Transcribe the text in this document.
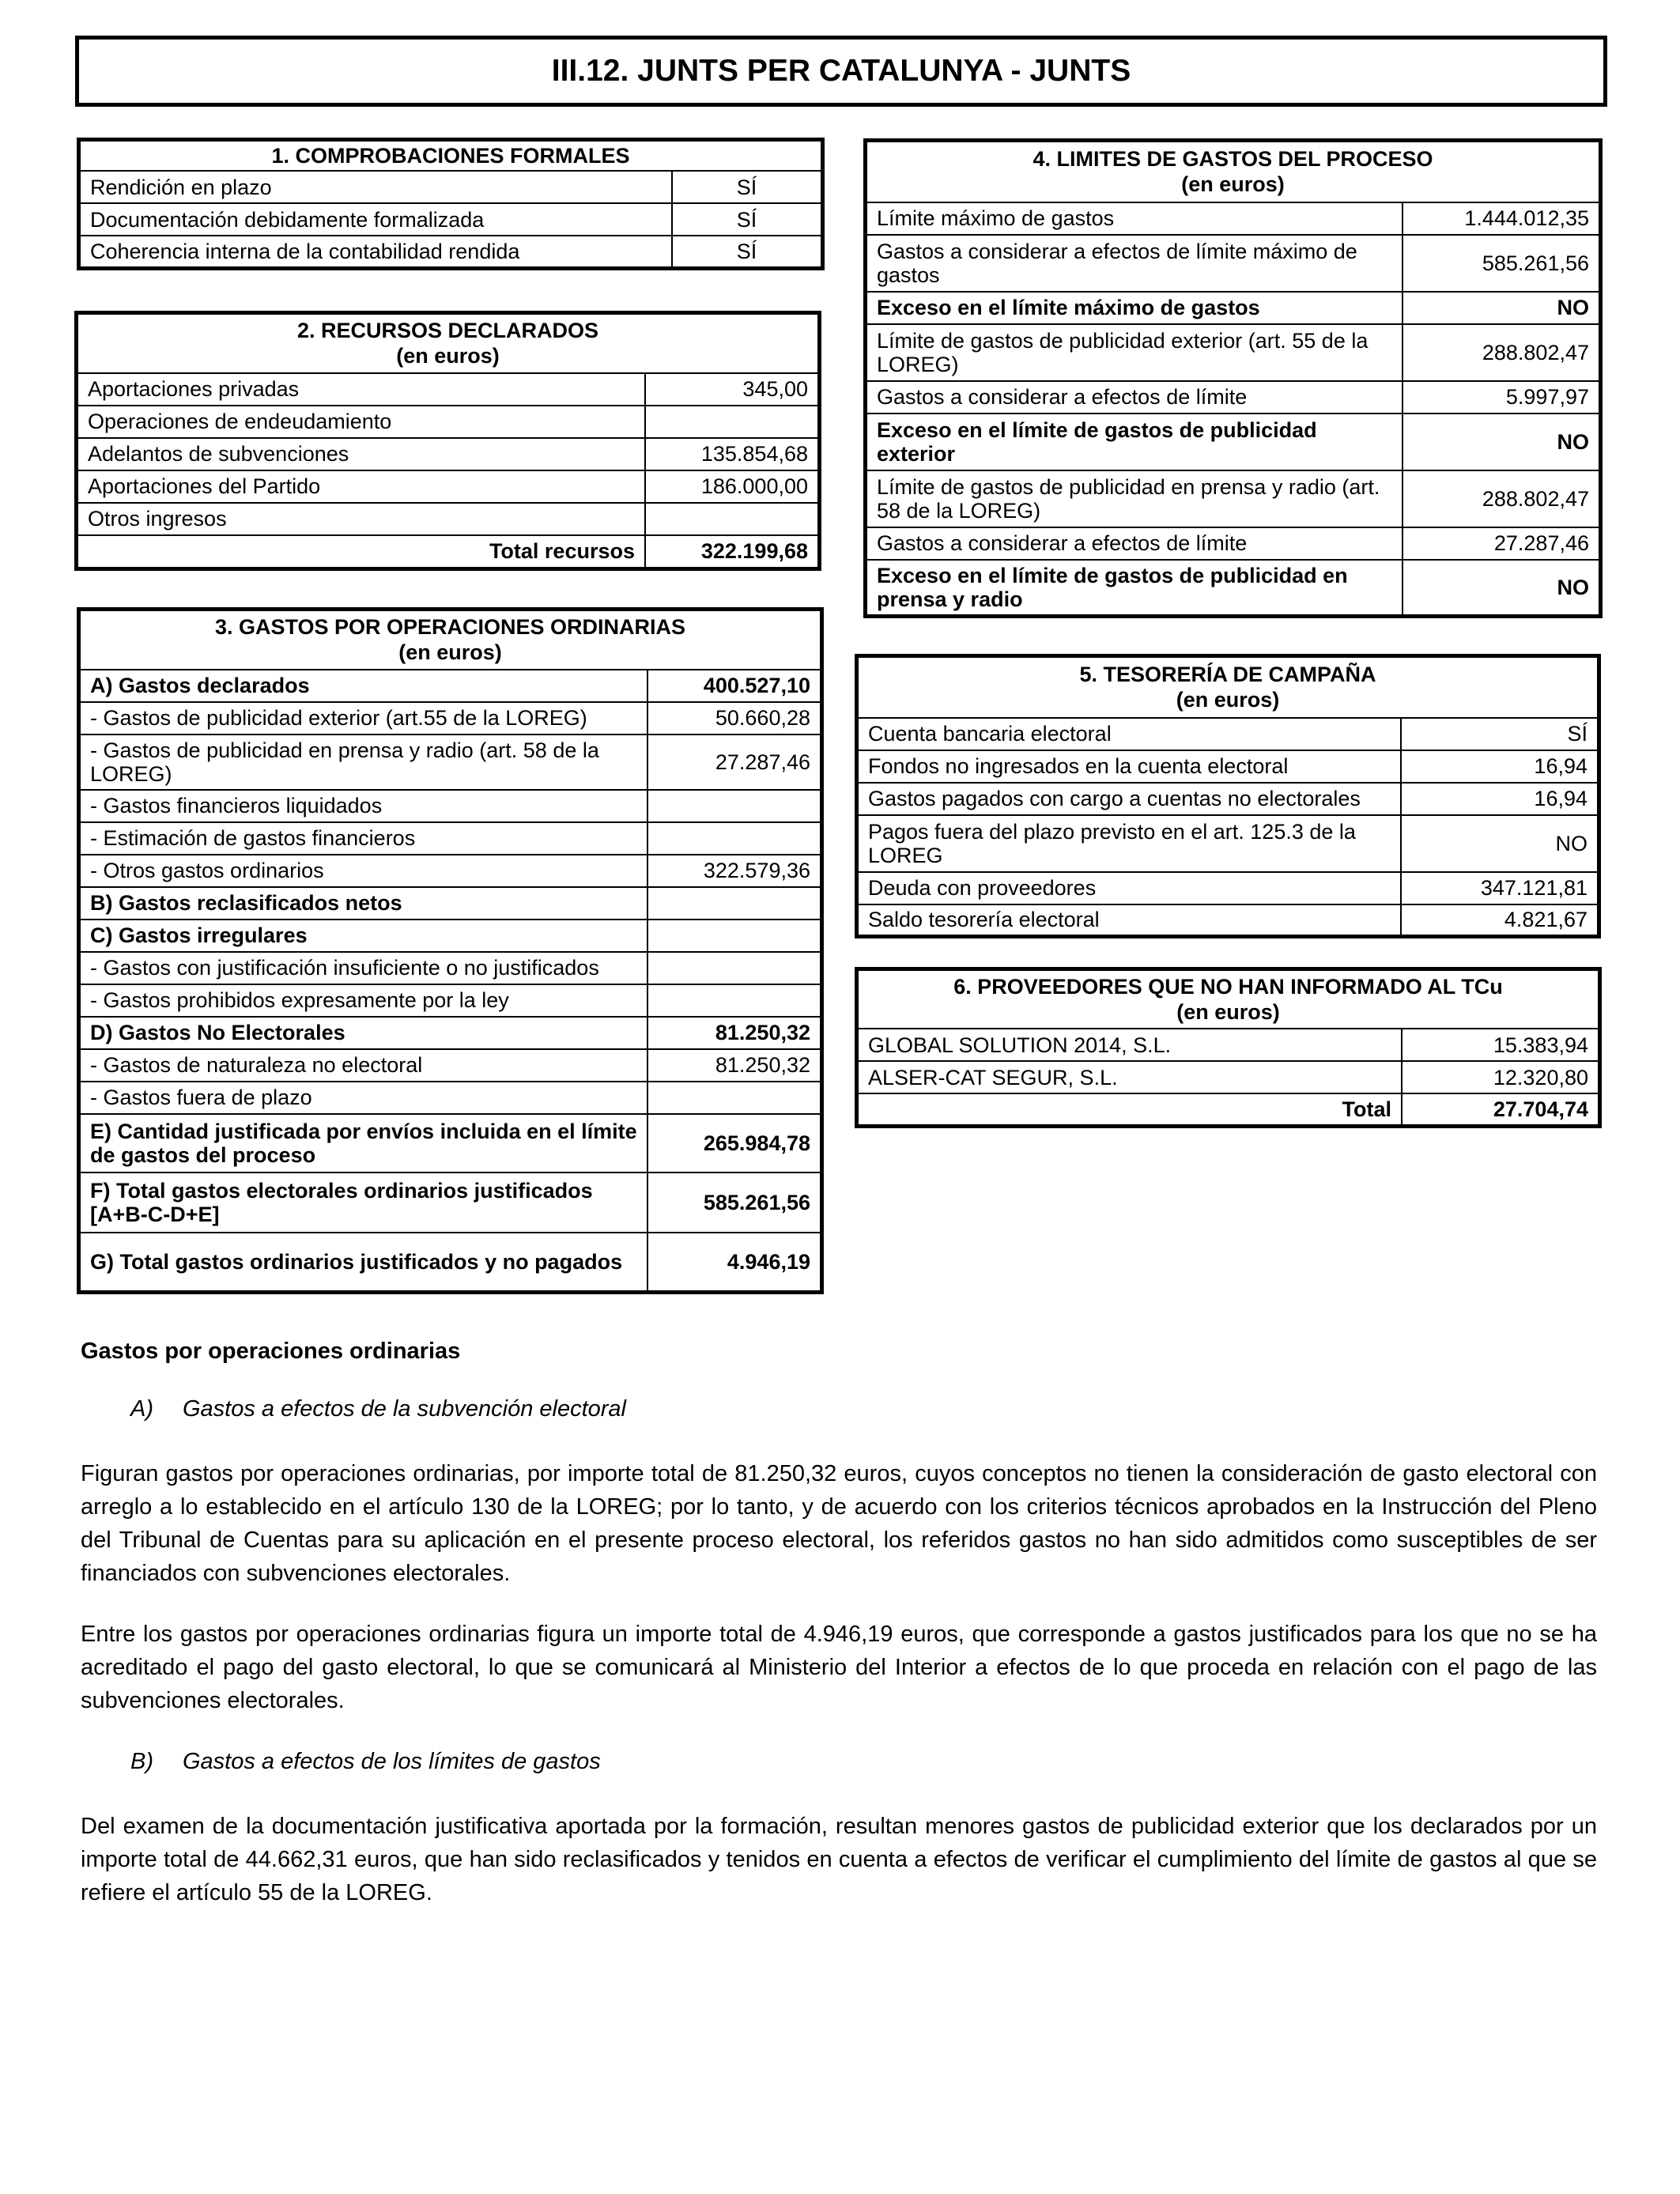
III.12. JUNTS PER CATALUNYA - JUNTS
1. COMPROBACIONES FORMALES	
Rendición en plazo	SÍ
Documentación debidamente formalizada	SÍ
Coherencia interna de la contabilidad rendida	SÍ
2. RECURSOS DECLARADOS
(en euros)	
Aportaciones privadas	345,00
Operaciones de endeudamiento	
Adelantos de subvenciones	135.854,68
Aportaciones del Partido	186.000,00
Otros ingresos	
Total recursos	322.199,68
3. GASTOS POR OPERACIONES ORDINARIAS
(en euros)	
A) Gastos declarados	400.527,10
- Gastos de publicidad exterior (art.55 de la LOREG)	50.660,28
- Gastos de publicidad en prensa y radio (art. 58 de la LOREG)	27.287,46
- Gastos financieros liquidados	
- Estimación de gastos financieros	
- Otros gastos ordinarios	322.579,36
B) Gastos reclasificados netos	
C) Gastos irregulares	
- Gastos con justificación insuficiente o no justificados	
- Gastos prohibidos expresamente por la ley	
D) Gastos No Electorales	81.250,32
- Gastos de naturaleza no electoral	81.250,32
- Gastos fuera de plazo	
E) Cantidad justificada por envíos incluida en el límite de gastos del proceso	265.984,78
F) Total gastos electorales ordinarios justificados [A+B-C-D+E]	585.261,56
G) Total gastos ordinarios justificados y no pagados	4.946,19
4. LIMITES DE GASTOS DEL PROCESO
(en euros)	
Límite máximo de gastos	1.444.012,35
Gastos a considerar a efectos de límite máximo de gastos	585.261,56
Exceso en el límite máximo de gastos	NO
Límite de gastos de publicidad exterior (art. 55 de la LOREG)	288.802,47
Gastos a considerar a efectos de límite	5.997,97
Exceso en el límite de gastos de publicidad exterior	NO
Límite de gastos de publicidad en prensa y radio (art. 58 de la LOREG)	288.802,47
Gastos a considerar a efectos de límite	27.287,46
Exceso en el límite de gastos de publicidad en prensa y radio	NO
5. TESORERÍA DE CAMPAÑA
(en euros)	
Cuenta bancaria electoral	SÍ
Fondos no ingresados en la cuenta electoral	16,94
Gastos pagados con cargo a cuentas no electorales	16,94
Pagos fuera del plazo previsto en el art. 125.3 de la LOREG	NO
Deuda con proveedores	347.121,81
Saldo tesorería electoral	4.821,67
6. PROVEEDORES QUE NO HAN INFORMADO AL TCu
(en euros)	
GLOBAL SOLUTION 2014, S.L.	15.383,94
ALSER-CAT SEGUR, S.L.	12.320,80
Total	27.704,74
Gastos por operaciones ordinarias
A) Gastos a efectos de la subvención electoral

Figuran gastos por operaciones ordinarias, por importe total de 81.250,32 euros, cuyos conceptos no tienen la consideración de gasto electoral con arreglo a lo establecido en el artículo 130 de la LOREG; por lo tanto, y de acuerdo con los criterios técnicos aprobados en la Instrucción del Pleno del Tribunal de Cuentas para su aplicación en el presente proceso electoral, los referidos gastos no han sido admitidos como susceptibles de ser financiados con subvenciones electorales.

Entre los gastos por operaciones ordinarias figura un importe total de 4.946,19 euros, que corresponde a gastos justificados para los que no se ha acreditado el pago del gasto electoral, lo que se comunicará al Ministerio del Interior a efectos de lo que proceda en relación con el pago de las subvenciones electorales.

B) Gastos a efectos de los límites de gastos

Del examen de la documentación justificativa aportada por la formación, resultan menores gastos de publicidad exterior que los declarados por un importe total de 44.662,31 euros, que han sido reclasificados y tenidos en cuenta a efectos de verificar el cumplimiento del límite de gastos al que se refiere el artículo 55 de la LOREG.
